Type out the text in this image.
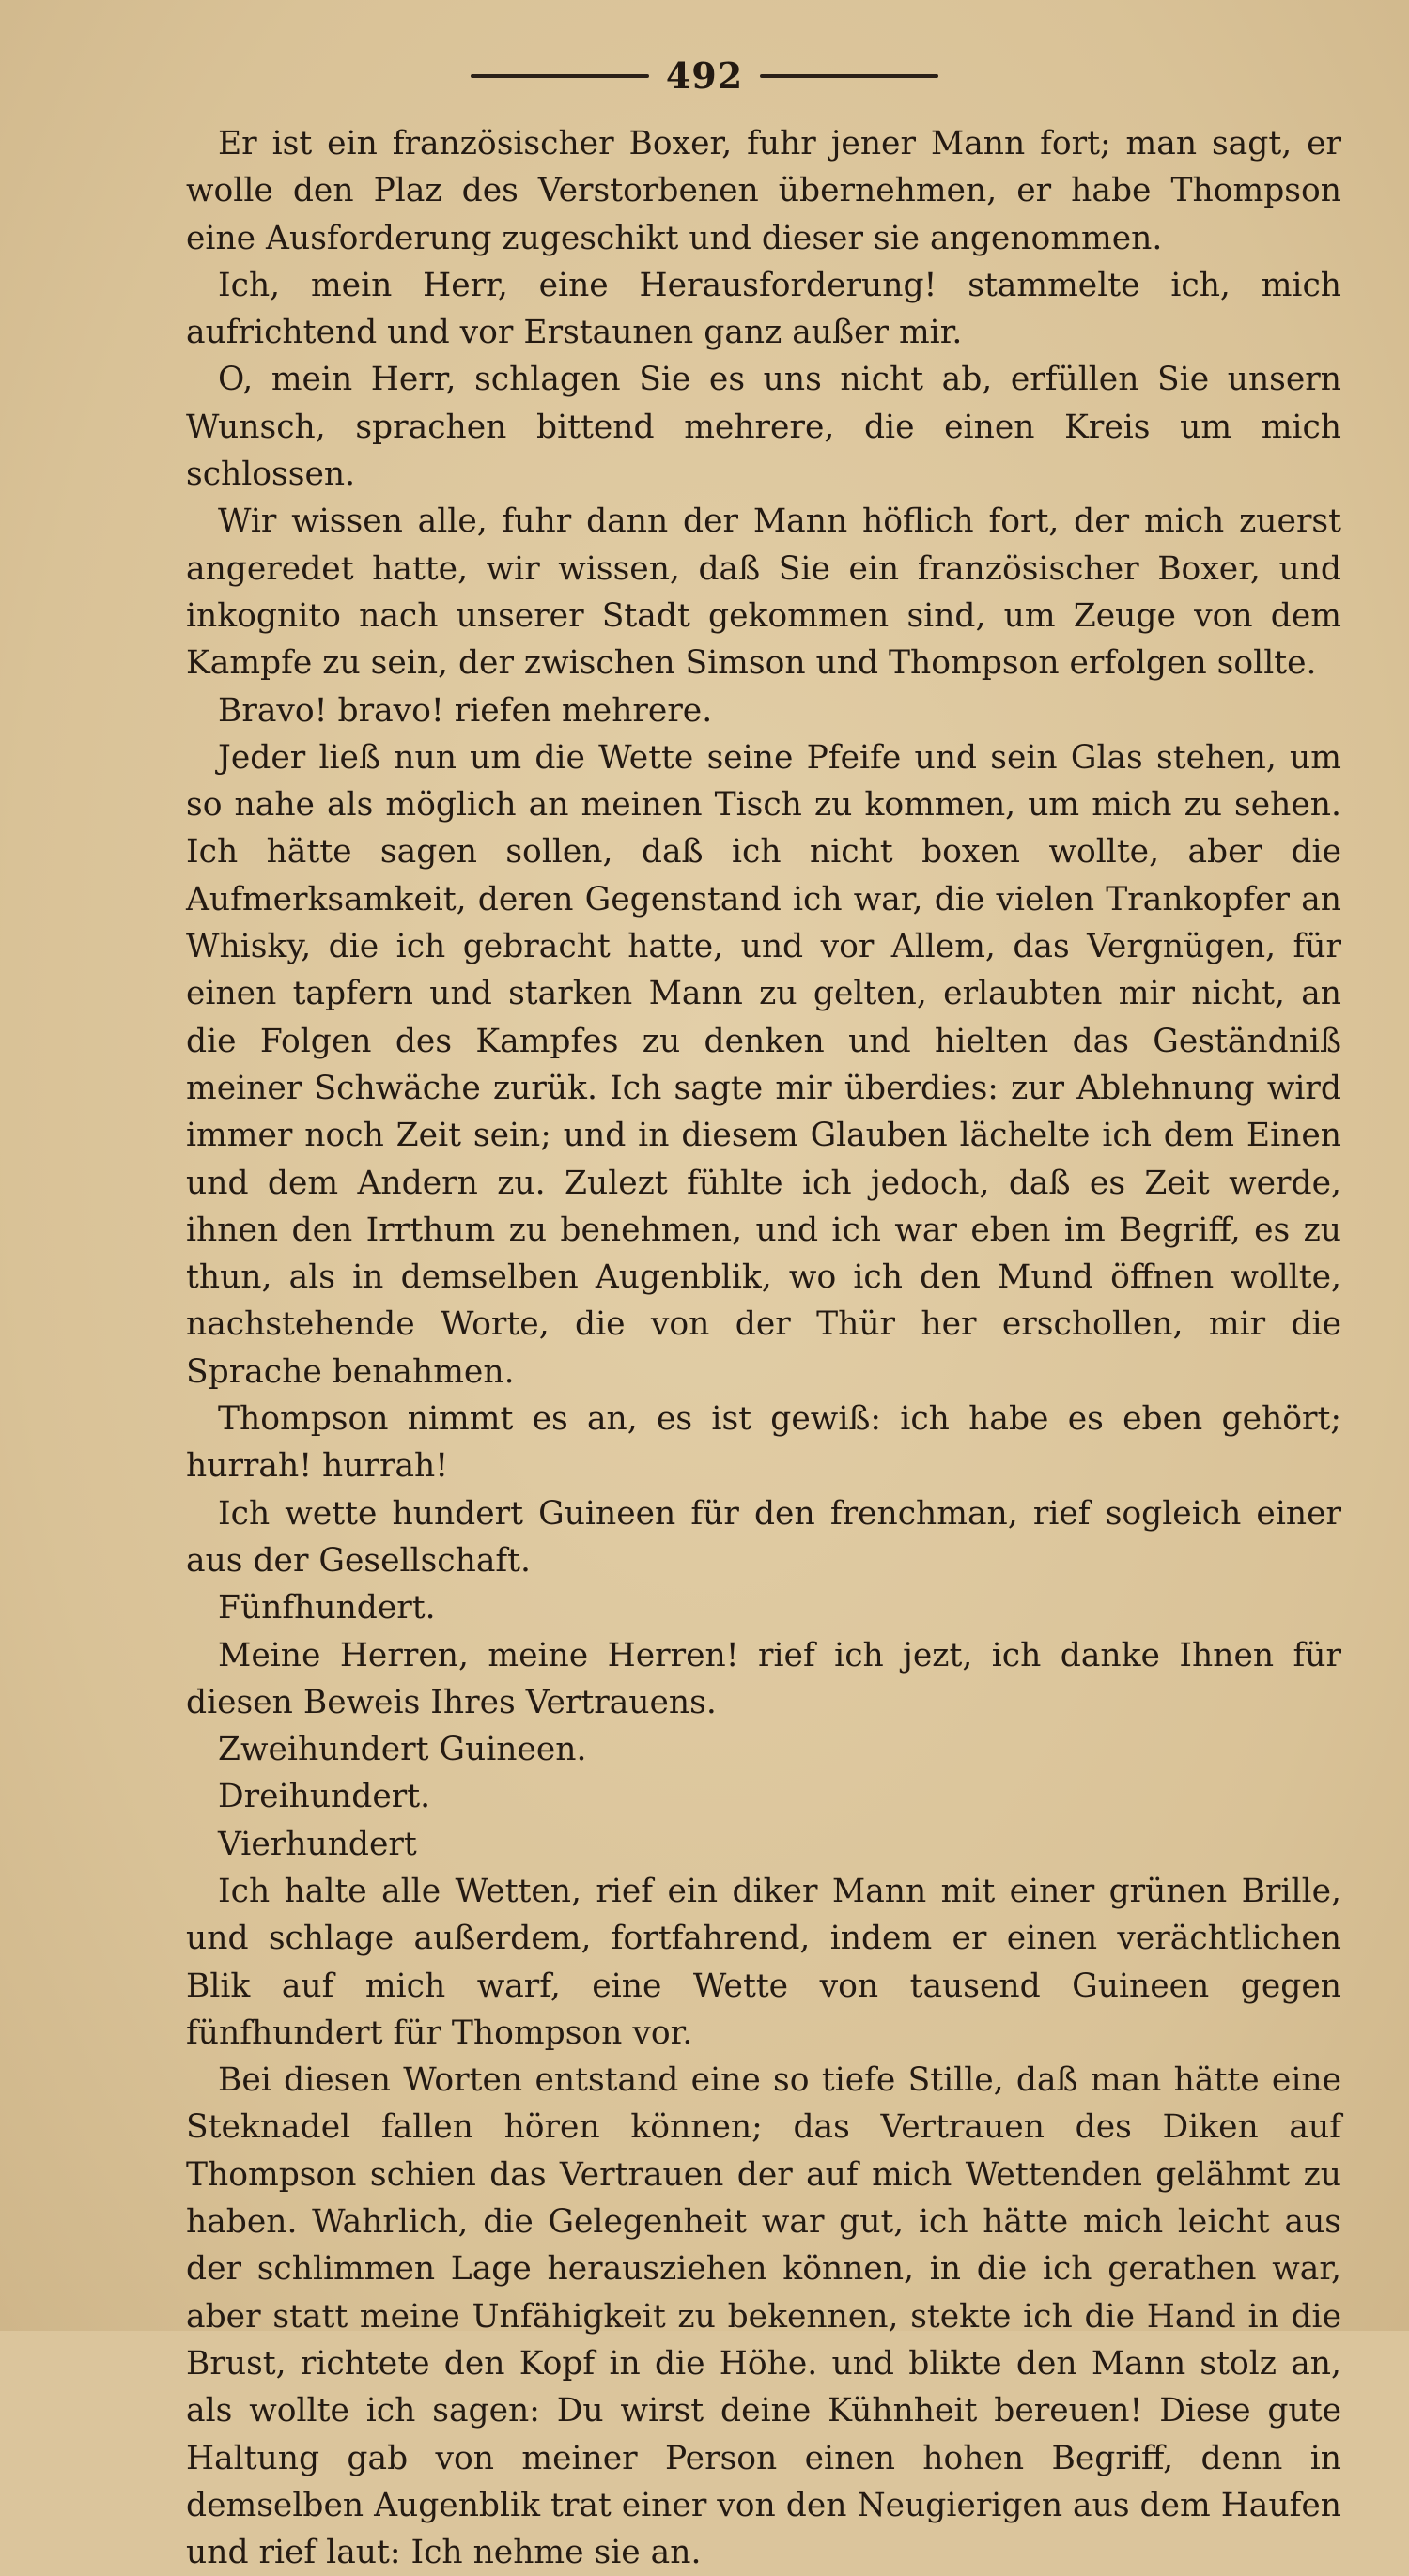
492

Er ist ein französischer Boxer, fuhr jener Mann fort; man sagt, er wolle den Plaz des Verstorbenen übernehmen, er habe Thompson eine Ausforderung zugeschikt und dieser sie angenommen.

Ich, mein Herr, eine Herausforderung! stammelte ich, mich aufrichtend und vor Erstaunen ganz außer mir.

O, mein Herr, schlagen Sie es uns nicht ab, erfüllen Sie unsern Wunsch, sprachen bittend mehrere, die einen Kreis um mich schlossen.

Wir wissen alle, fuhr dann der Mann höflich fort, der mich zuerst angeredet hatte, wir wissen, daß Sie ein französischer Boxer, und inkognito nach unserer Stadt gekommen sind, um Zeuge von dem Kampfe zu sein, der zwischen Simson und Thompson erfolgen sollte.

Bravo! bravo! riefen mehrere.

Jeder ließ nun um die Wette seine Pfeife und sein Glas stehen, um so nahe als möglich an meinen Tisch zu kommen, um mich zu sehen. Ich hätte sagen sollen, daß ich nicht boxen wollte, aber die Aufmerksamkeit, deren Gegenstand ich war, die vielen Trankopfer an Whisky, die ich gebracht hatte, und vor Allem, das Vergnügen, für einen tapfern und starken Mann zu gelten, erlaubten mir nicht, an die Folgen des Kampfes zu denken und hielten das Geständniß meiner Schwäche zurük. Ich sagte mir überdies: zur Ablehnung wird immer noch Zeit sein; und in diesem Glauben lächelte ich dem Einen und dem Andern zu. Zulezt fühlte ich jedoch, daß es Zeit werde, ihnen den Irrthum zu benehmen, und ich war eben im Begriff, es zu thun, als in demselben Augenblik, wo ich den Mund öffnen wollte, nachstehende Worte, die von der Thür her erschollen, mir die Sprache benahmen.

Thompson nimmt es an, es ist gewiß: ich habe es eben gehört; hurrah! hurrah!

Ich wette hundert Guineen für den frenchman, rief sogleich einer aus der Gesellschaft.

Fünfhundert.

Meine Herren, meine Herren! rief ich jezt, ich danke Ihnen für diesen Beweis Ihres Vertrauens.

Zweihundert Guineen.

Dreihundert.

Vierhundert

Ich halte alle Wetten, rief ein diker Mann mit einer grünen Brille, und schlage außerdem, fortfahrend, indem er einen verächtlichen Blik auf mich warf, eine Wette von tausend Guineen gegen fünfhundert für Thompson vor.

Bei diesen Worten entstand eine so tiefe Stille, daß man hätte eine Steknadel fallen hören können; das Vertrauen des Diken auf Thompson schien das Vertrauen der auf mich Wettenden gelähmt zu haben. Wahrlich, die Gelegenheit war gut, ich hätte mich leicht aus der schlimmen Lage herausziehen können, in die ich gerathen war, aber statt meine Unfähigkeit zu bekennen, stekte ich die Hand in die Brust, richtete den Kopf in die Höhe. und blikte den Mann stolz an, als wollte ich sagen: Du wirst deine Kühnheit bereuen! Diese gute Haltung gab von meiner Person einen hohen Begriff, denn in demselben Augenblik trat einer von den Neugierigen aus dem Haufen und rief laut: Ich nehme sie an.
